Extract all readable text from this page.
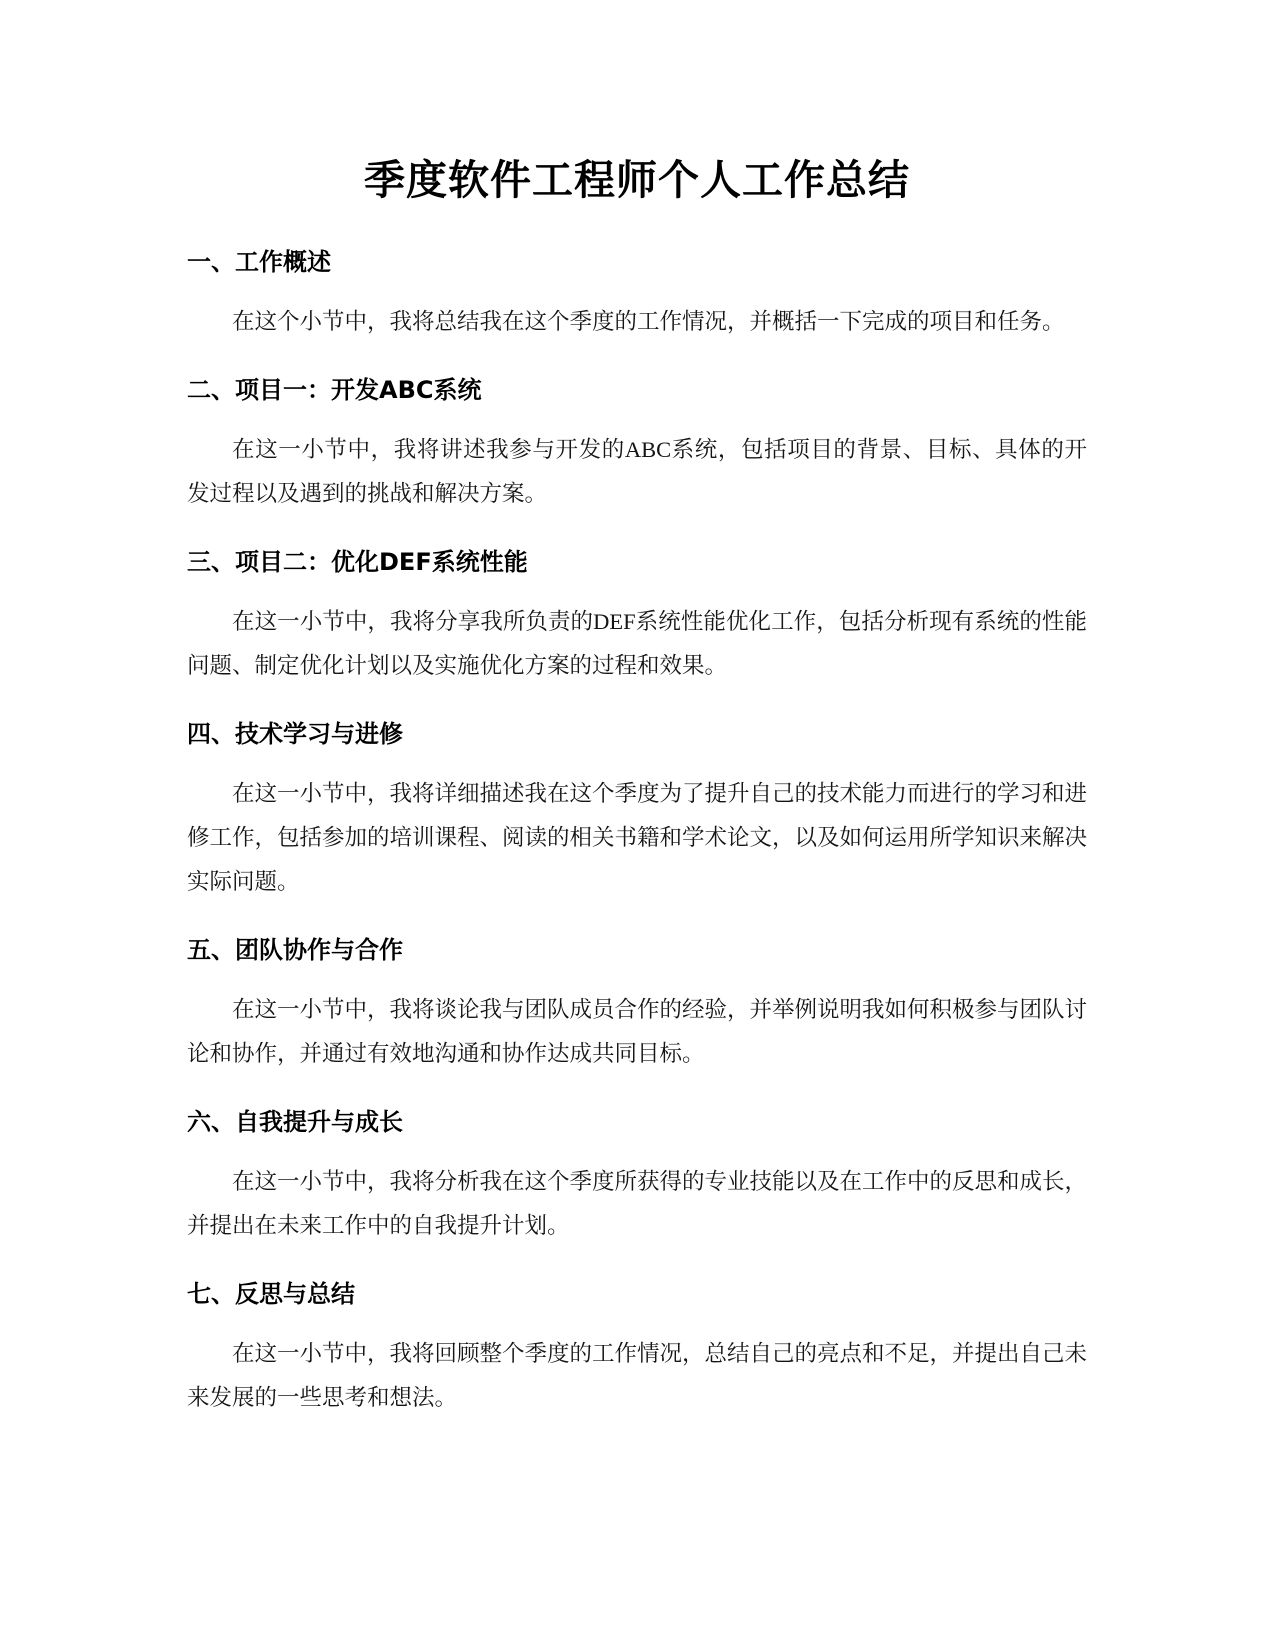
季度软件工程师个人工作总结
一、工作概述

在这个小节中，我将总结我在这个季度的工作情况，并概括一下完成的项目和任务。

二、项目一：开发ABC系统

在这一小节中，我将讲述我参与开发的ABC系统，包括项目的背景、目标、具体的开发过程以及遇到的挑战和解决方案。

三、项目二：优化DEF系统性能

在这一小节中，我将分享我所负责的DEF系统性能优化工作，包括分析现有系统的性能问题、制定优化计划以及实施优化方案的过程和效果。

四、技术学习与进修

在这一小节中，我将详细描述我在这个季度为了提升自己的技术能力而进行的学习和进修工作，包括参加的培训课程、阅读的相关书籍和学术论文，以及如何运用所学知识来解决实际问题。

五、团队协作与合作

在这一小节中，我将谈论我与团队成员合作的经验，并举例说明我如何积极参与团队讨论和协作，并通过有效地沟通和协作达成共同目标。

六、自我提升与成长

在这一小节中，我将分析我在这个季度所获得的专业技能以及在工作中的反思和成长，并提出在未来工作中的自我提升计划。

七、反思与总结

在这一小节中，我将回顾整个季度的工作情况，总结自己的亮点和不足，并提出自己未来发展的一些思考和想法。
